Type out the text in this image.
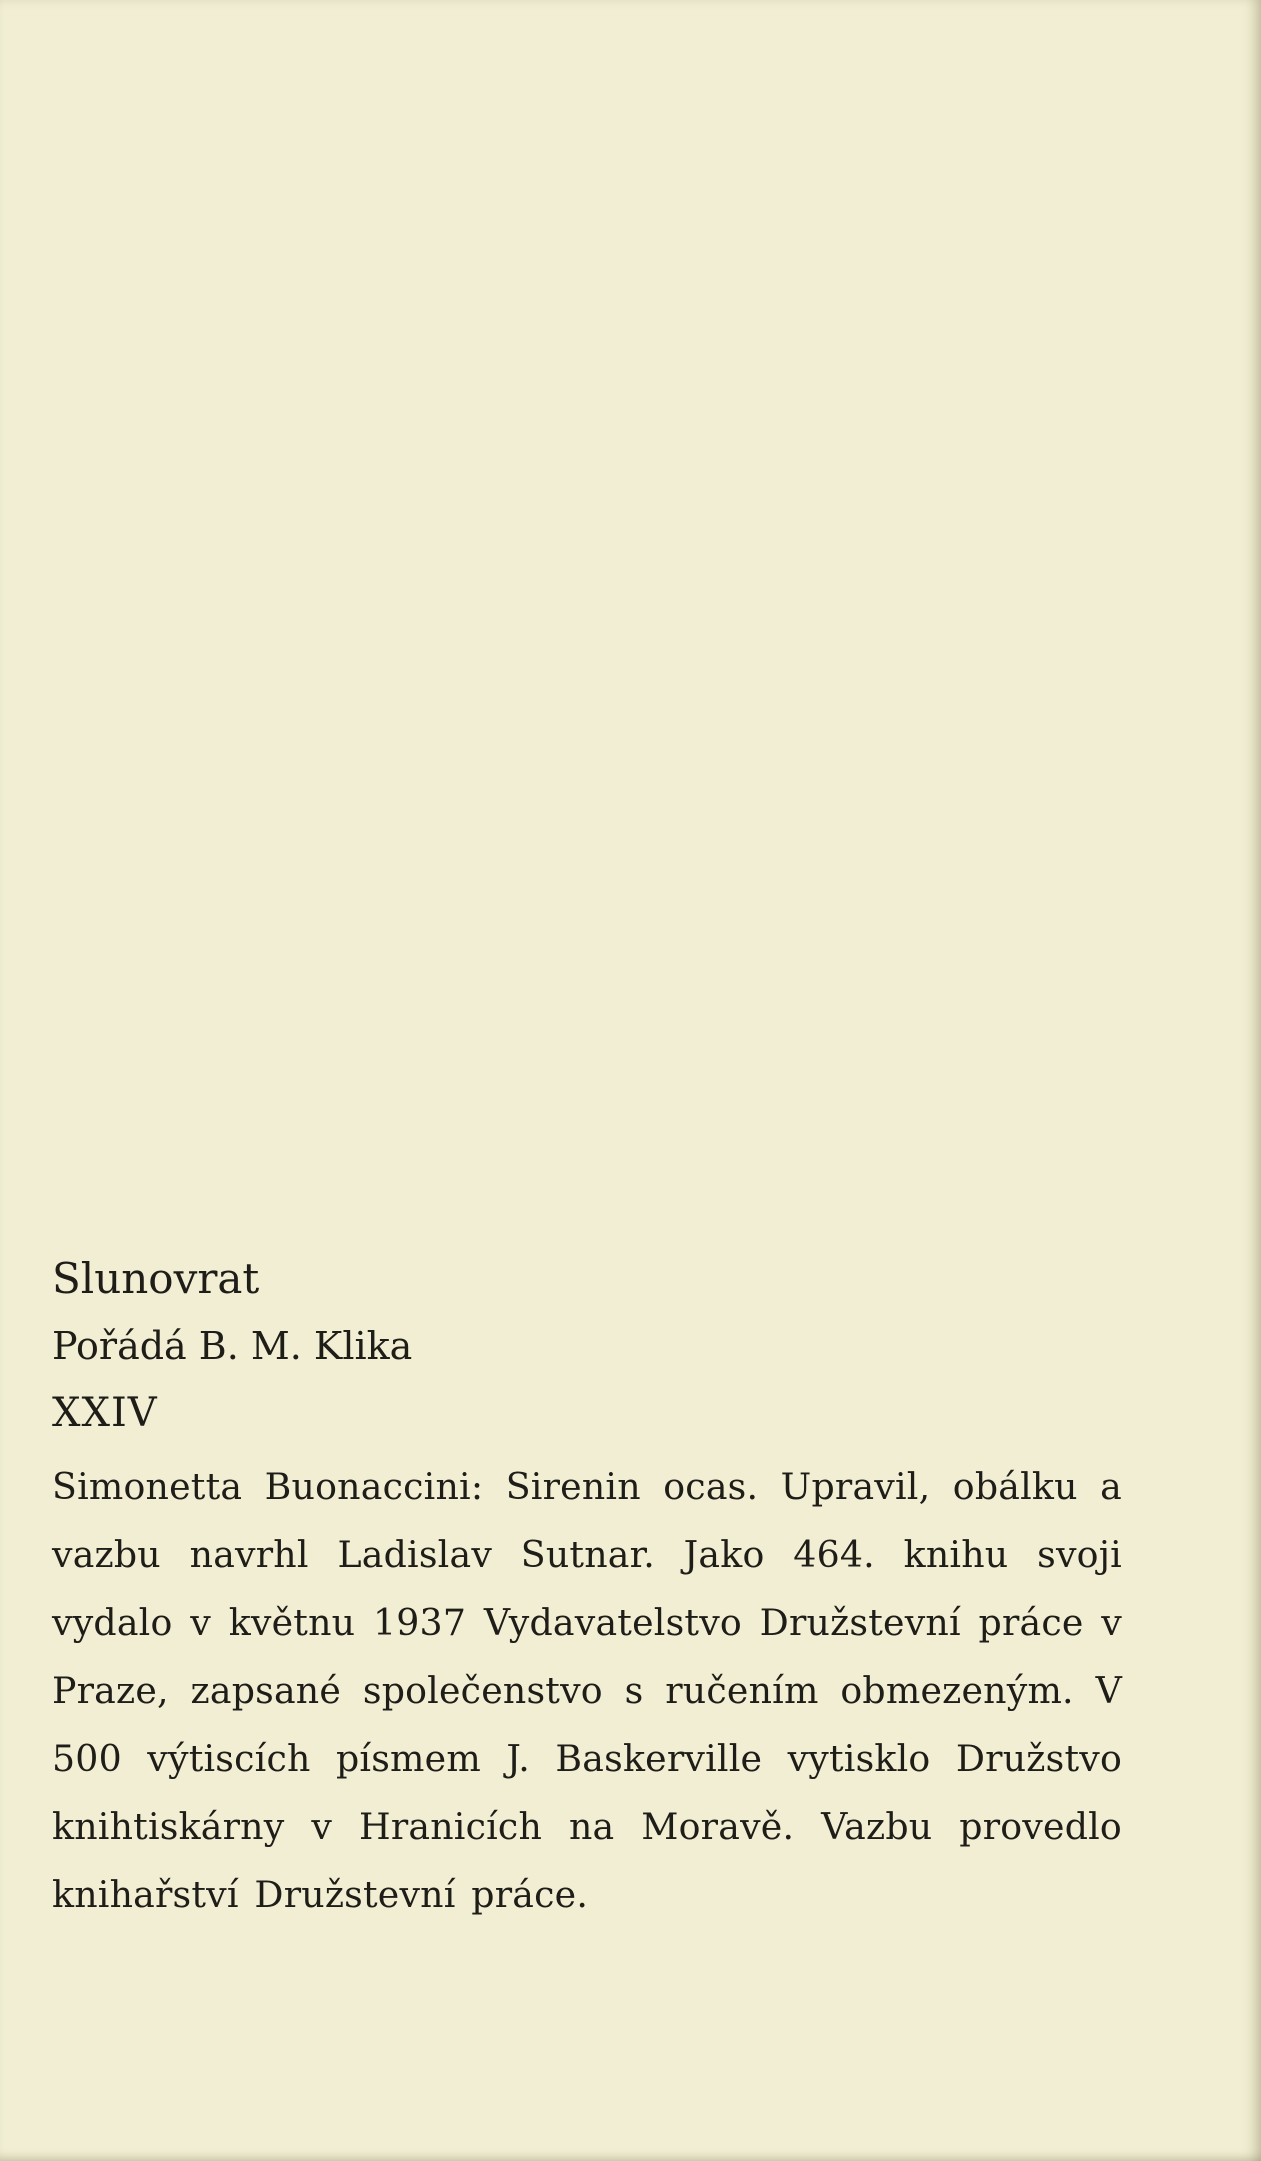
Slunovrat

Pořádá B. M. Klika

XXIV

Simonetta Buonaccini: Sirenin ocas. Upravil, obálku a vazbu navrhl Ladislav Sutnar. Jako 464. knihu svoji vydalo v květnu 1937 Vydavatelstvo Družstevní práce v Praze, zapsané společenstvo s ručením obmezeným. V 500 výtiscích písmem J. Baskerville vytisklo Družstvo knihtiskárny v Hranicích na Moravě. Vazbu provedlo knihařství Družstevní práce.
